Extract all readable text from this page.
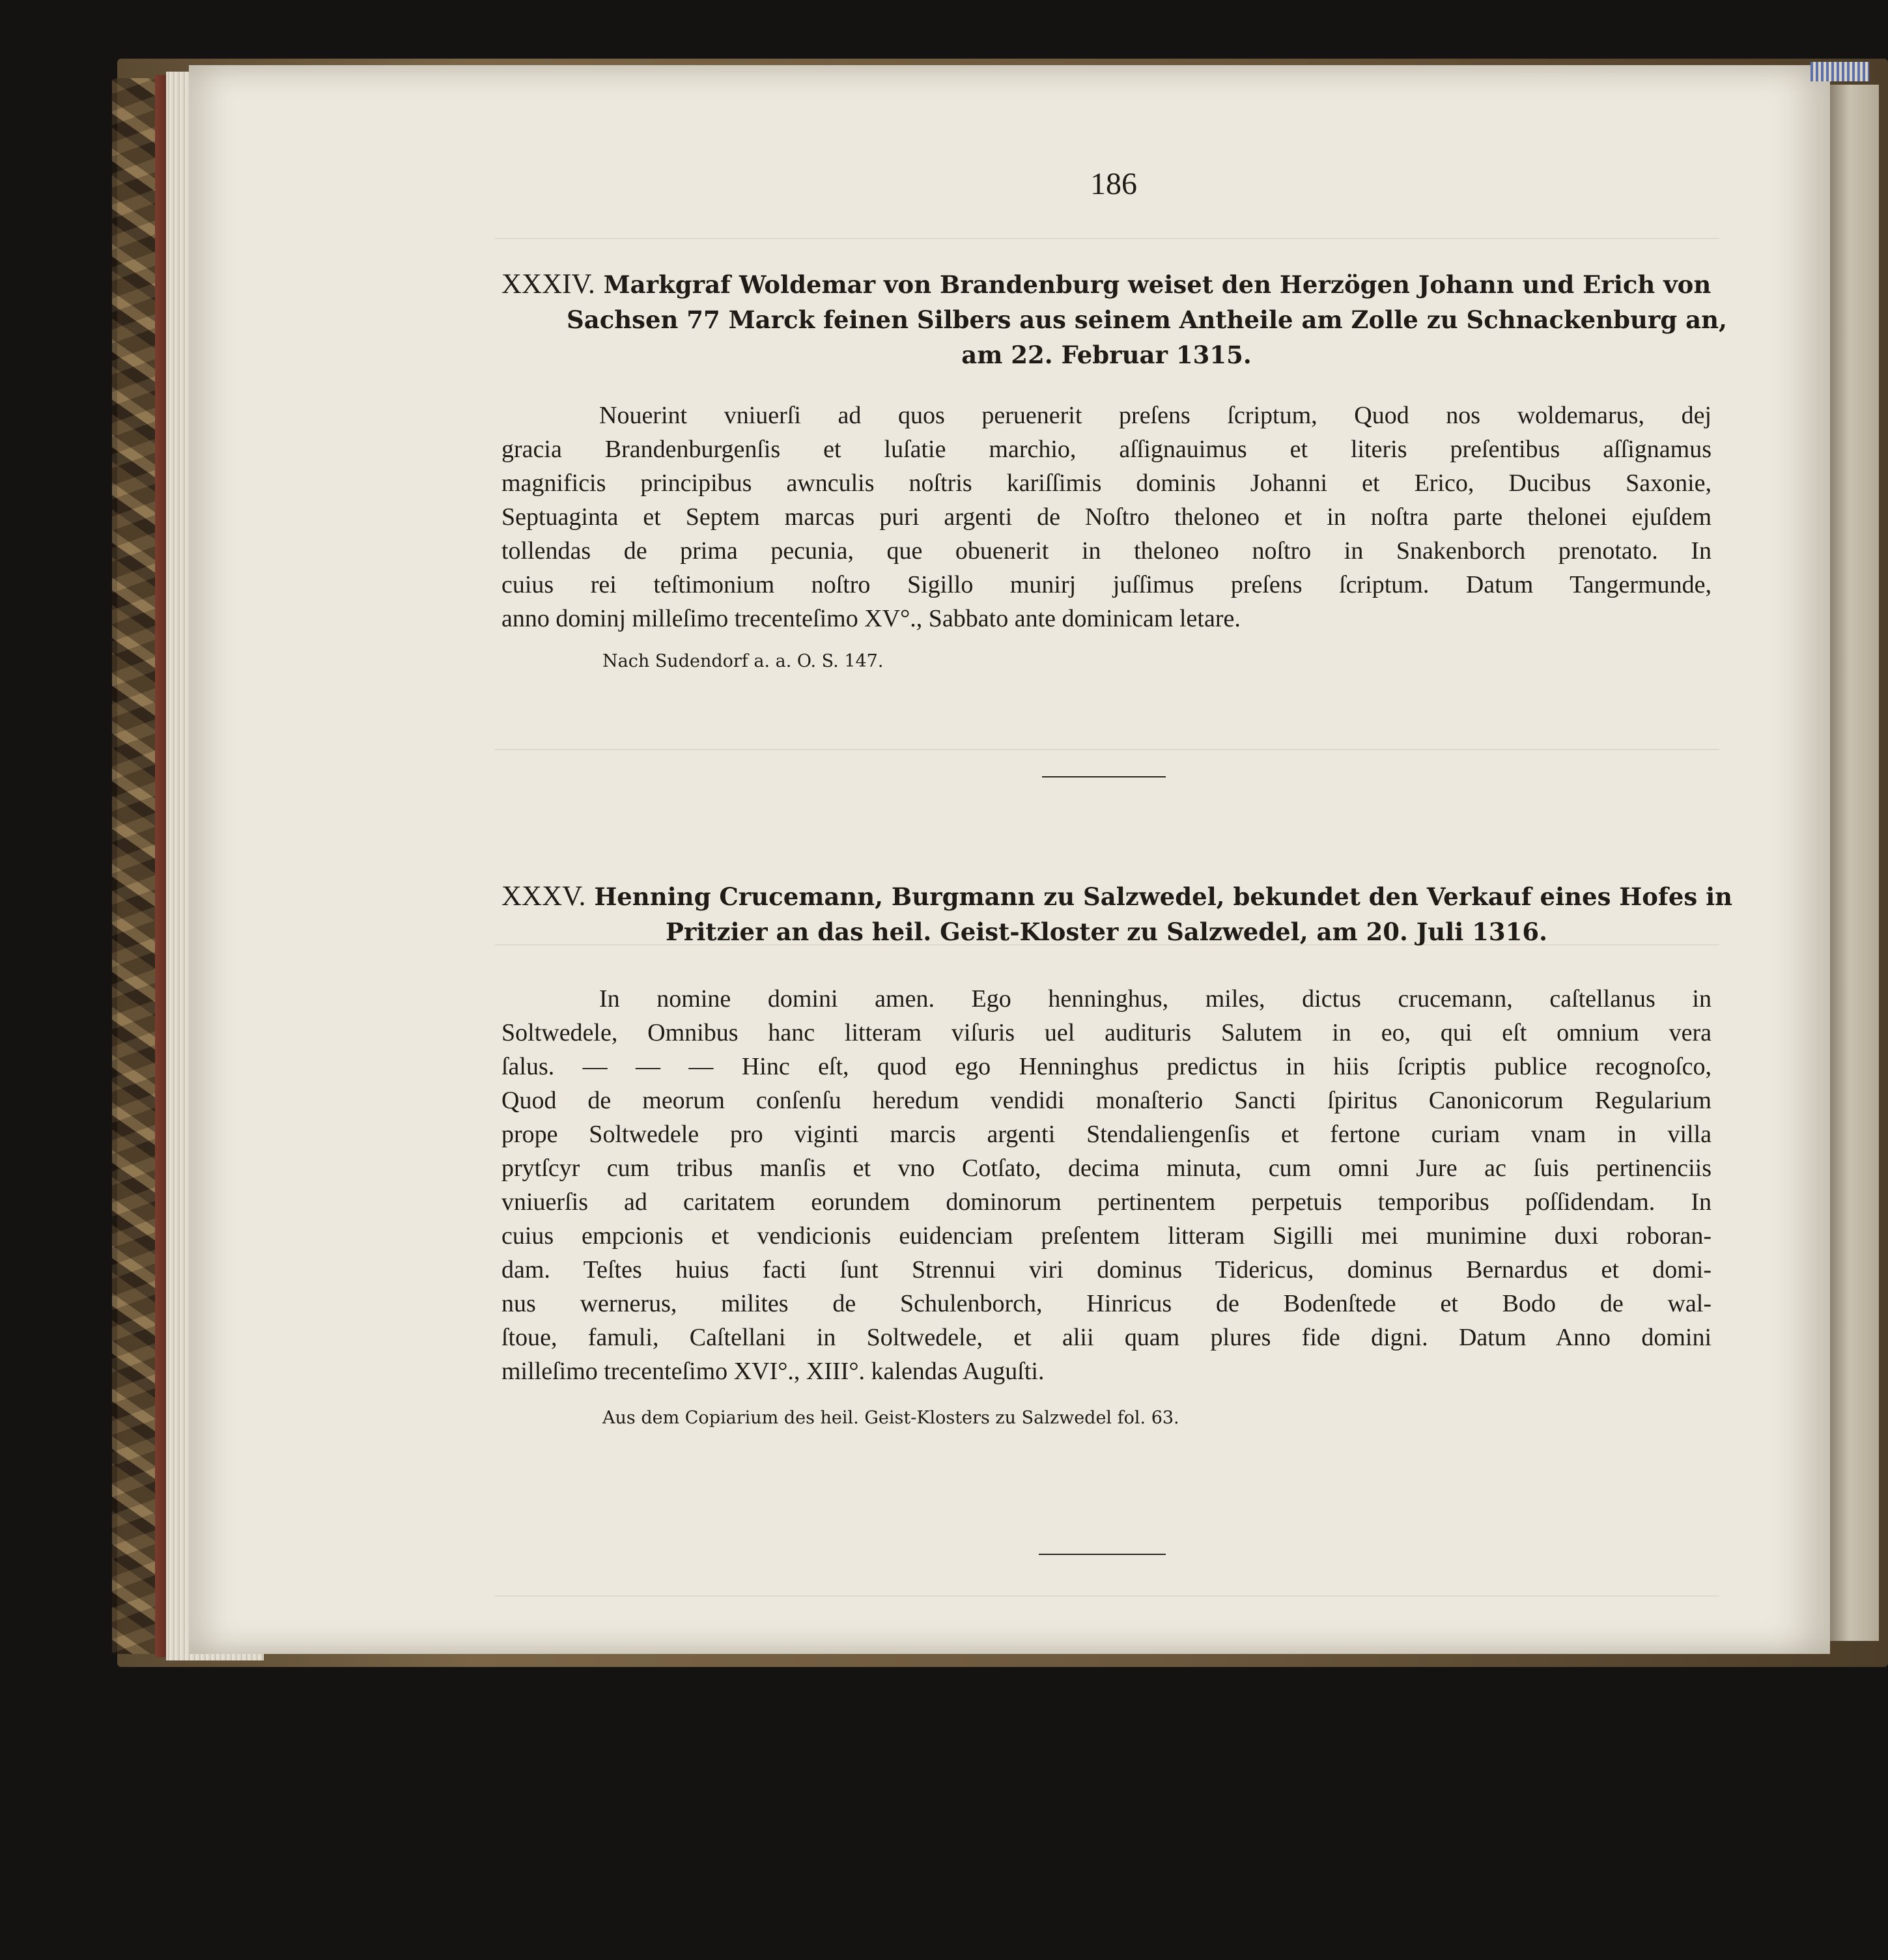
186
XXXIV. Markgraf Woldemar von Brandenburg weiset den Herzögen Johann und Erich von
Sachsen 77 Marck feinen Silbers aus seinem Antheile am Zolle zu Schnackenburg an,
am 22. Februar 1315.
Nouerint vniuerſi ad quos peruenerit preſens ſcriptum, Quod nos woldemarus, dej
gracia Brandenburgenſis et luſatie marchio, aſſignauimus et literis preſentibus aſſignamus
magnificis principibus awnculis noſtris kariſſimis dominis Johanni et Erico, Ducibus Saxonie,
Septuaginta et Septem marcas puri argenti de Noſtro theloneo et in noſtra parte thelonei ejuſdem
tollendas de prima pecunia, que obuenerit in theloneo noſtro in Snakenborch prenotato. In
cuius rei teſtimonium noſtro Sigillo munirj juſſimus preſens ſcriptum. Datum Tangermunde,
anno dominj milleſimo trecenteſimo XV°., Sabbato ante dominicam letare.
Nach Sudendorf a. a. O. S. 147.
XXXV. Henning Crucemann, Burgmann zu Salzwedel, bekundet den Verkauf eines Hofes in
Pritzier an das heil. Geist-Kloster zu Salzwedel, am 20. Juli 1316.
In nomine domini amen. Ego henninghus, miles, dictus crucemann, caſtellanus in
Soltwedele, Omnibus hanc litteram viſuris uel audituris Salutem in eo, qui eſt omnium vera
ſalus. — — — Hinc eſt, quod ego Henninghus predictus in hiis ſcriptis publice recognoſco,
Quod de meorum conſenſu heredum vendidi monaſterio Sancti ſpiritus Canonicorum Regularium
prope Soltwedele pro viginti marcis argenti Stendaliengenſis et fertone curiam vnam in villa
prytſcyr cum tribus manſis et vno Cotſato, decima minuta, cum omni Jure ac ſuis pertinenciis
vniuerſis ad caritatem eorundem dominorum pertinentem perpetuis temporibus poſſidendam. In
cuius empcionis et vendicionis euidenciam preſentem litteram Sigilli mei munimine duxi roboran-
dam. Teſtes huius facti ſunt Strennui viri dominus Tidericus, dominus Bernardus et domi-
nus wernerus, milites de Schulenborch, Hinricus de Bodenſtede et Bodo de wal-
ſtoue, famuli, Caſtellani in Soltwedele, et alii quam plures fide digni. Datum Anno domini
milleſimo trecenteſimo XVI°., XIII°. kalendas Auguſti.
Aus dem Copiarium des heil. Geist-Klosters zu Salzwedel fol. 63.
